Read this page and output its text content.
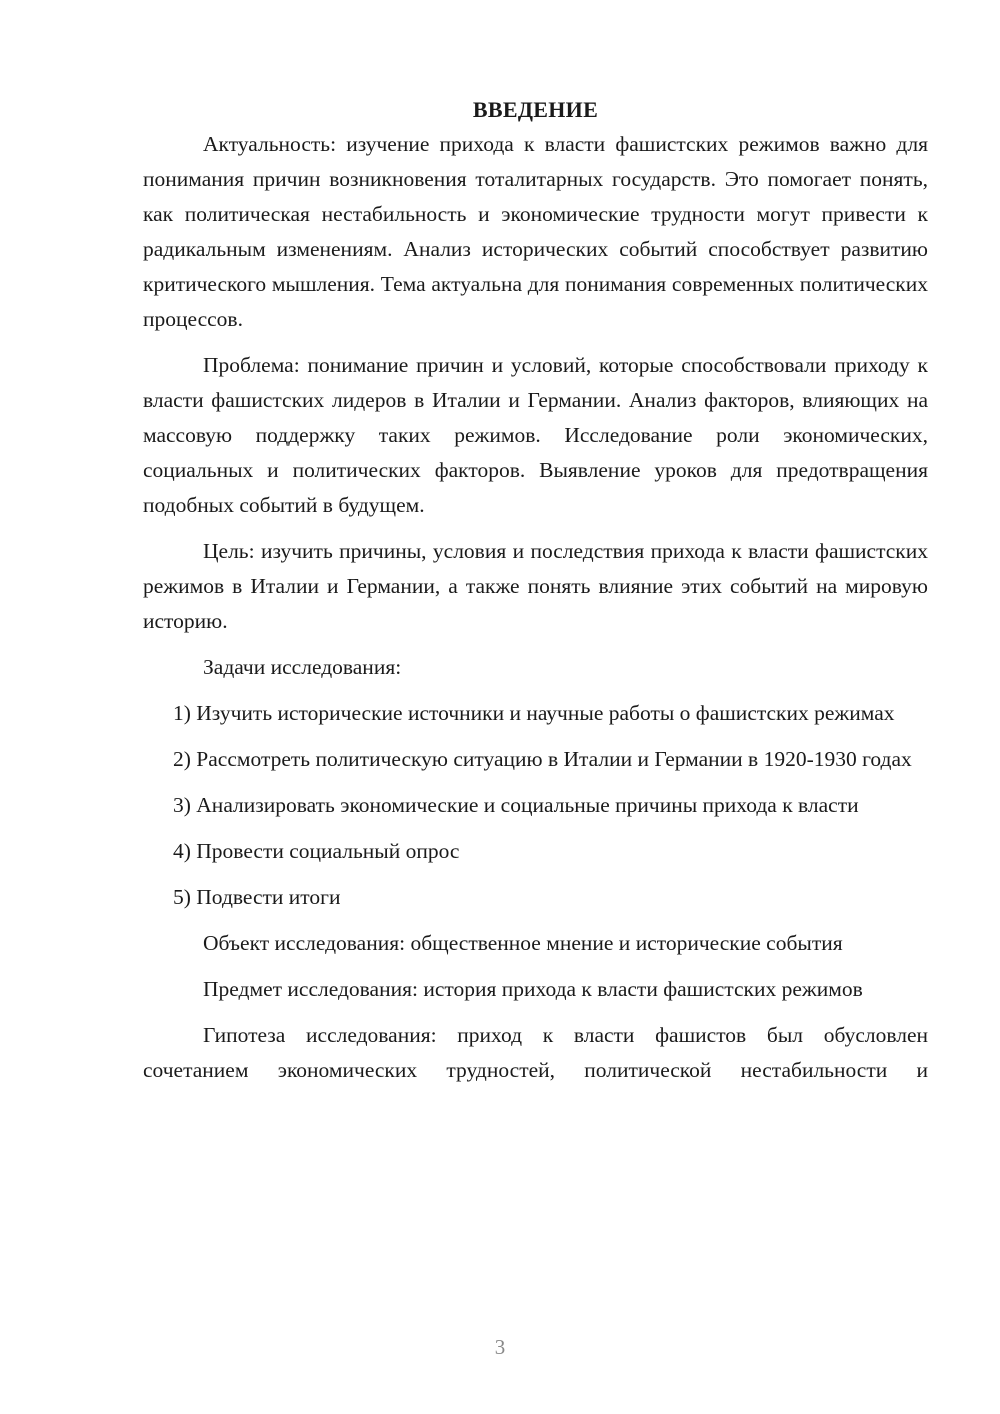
ВВЕДЕНИЕ

Актуальность: изучение прихода к власти фашистских режимов важно для понимания причин возникновения тоталитарных государств. Это помогает понять, как политическая нестабильность и экономические трудности могут привести к радикальным изменениям. Анализ исторических событий способствует развитию критического мышления. Тема актуальна для понимания современных политических процессов.

Проблема: понимание причин и условий, которые способствовали приходу к власти фашистских лидеров в Италии и Германии. Анализ факторов, влияющих на массовую поддержку таких режимов. Исследование роли экономических, социальных и политических факторов. Выявление уроков для предотвращения подобных событий в будущем.

Цель: изучить причины, условия и последствия прихода к власти фашистских режимов в Италии и Германии, а также понять влияние этих событий на мировую историю.

Задачи исследования:

1) Изучить исторические источники и научные работы о фашистских режимах

2) Рассмотреть политическую ситуацию в Италии и Германии в 1920-1930 годах

3) Анализировать экономические и социальные причины прихода к власти

4) Провести социальный опрос

5) Подвести итоги

Объект исследования: общественное мнение и исторические события

Предмет исследования: история прихода к власти фашистских режимов

Гипотеза исследования: приход к власти фашистов был обусловлен сочетанием экономических трудностей, политической нестабильности и

3
